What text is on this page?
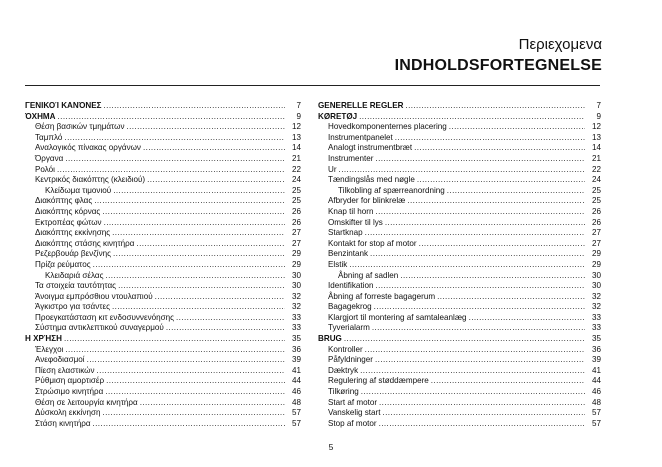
Περιεχομενα
INDHOLDSFORTEGNELSE
ΓΕΝΙΚΟΊ ΚΑΝΌΝΕΣ .....	7
ΌΧΗΜΑ .....	9
Θέση βασικών τμημάτων .....	12
Ταμπλό .....	13
Αναλογικός πίνακας οργάνων .....	14
Όργανα .....	21
Ρολόι .....	22
Κεντρικός διακόπτης (κλειδιού) .....	24
Κλείδωμα τιμονιού .....	25
Διακόπτης φλας .....	25
Διακόπτης κόρνας .....	26
Εκτροπέας φώτων .....	26
Διακόπτης εκκίνησης .....	27
Διακόπτης στάσης κινητήρα .....	27
Ρεζερβουάρ βενζίνης .....	29
Πρίζα ρεύματος .....	29
Κλειδαριά σέλας .....	30
Τα στοιχεία ταυτότητας .....	30
Άνοιγμα εμπρόσθιου ντουλαπιού .....	32
Άγκιστρο για τσάντες .....	32
Προεγκατάσταση κιτ ενδοσυννενόησης .....	33
Σύστημα αντικλεπτικού συναγερμού .....	33
Η ΧΡΉΣΗ .....	35
Έλεγχοι .....	36
Ανεφοδιασμοί .....	39
Πίεση ελαστικών .....	41
Ρύθμιση αμορτισέρ .....	44
Στρώσιμο κινητήρα .....	46
Θέση σε λειτουργία κινητήρα .....	48
Δύσκολη εκκίνηση .....	57
Στάση κινητήρα .....	57
GENERELLE REGLER .....	7
KØRETØJ .....	9
Hovedkomponenternes placering .....	12
Instrumentpanelet .....	13
Analogt instrumentbræt .....	14
Instrumenter .....	21
Ur .....	22
Tændingslås med nøgle .....	24
Tilkobling af spærreanordning .....	25
Afbryder for blinkrelæ .....	25
Knap til horn .....	26
Omskifter til lys .....	26
Startknap .....	27
Kontakt for stop af motor .....	27
Benzintank .....	29
Elstik .....	29
Åbning af sadlen .....	30
Identifikation .....	30
Åbning af forreste bagagerum .....	32
Bagagekrog .....	32
Klargjort til montering af samtaleanlæg .....	33
Tyverialarm .....	33
BRUG .....	35
Kontroller .....	36
Påfyldninger .....	39
Dæktryk .....	41
Regulering af støddæmpere .....	44
Tilkøring .....	46
Start af motor .....	48
Vanskelig start .....	57
Stop af motor .....	57
5
